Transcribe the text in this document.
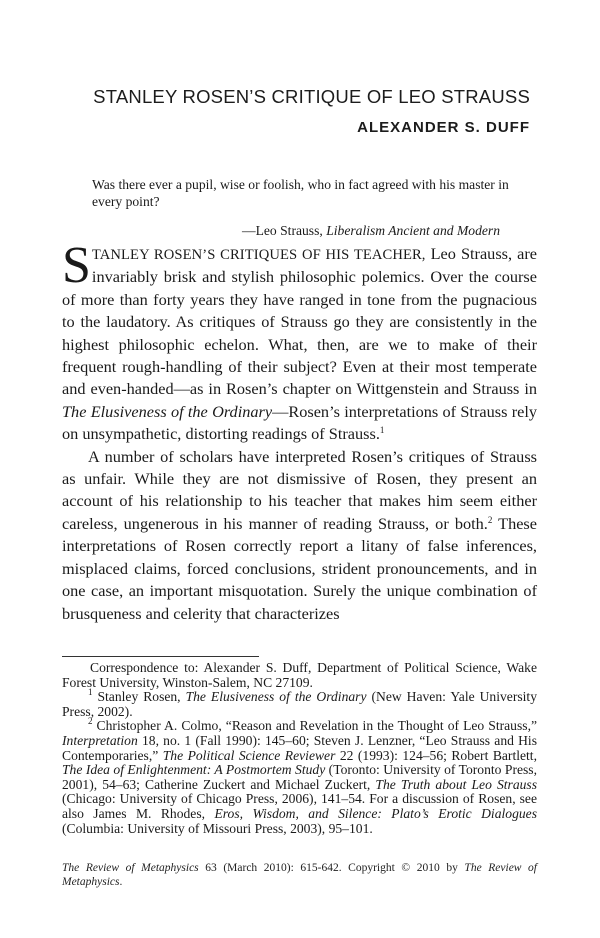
STANLEY ROSEN’S CRITIQUE OF LEO STRAUSS
ALEXANDER S. DUFF

Was there ever a pupil, wise or foolish, who in fact agreed with his master in every point?

—Leo Strauss, Liberalism Ancient and Modern

STANLEY ROSEN’S CRITIQUES OF HIS TEACHER, Leo Strauss, are invariably brisk and stylish philosophic polemics. Over the course of more than forty years they have ranged in tone from the pugnacious to the laudatory. As critiques of Strauss go they are consistently in the highest philosophic echelon. What, then, are we to make of their frequent rough-handling of their subject? Even at their most temperate and even-handed—as in Rosen’s chapter on Wittgenstein and Strauss in The Elusiveness of the Ordinary—Rosen’s interpretations of Strauss rely on unsympathetic, distorting readings of Strauss.$^1$

A number of scholars have interpreted Rosen’s critiques of Strauss as unfair. While they are not dismissive of Rosen, they present an account of his relationship to his teacher that makes him seem either careless, ungenerous in his manner of reading Strauss, or both.$^2$ These interpretations of Rosen correctly report a litany of false inferences, misplaced claims, forced conclusions, strident pronouncements, and in one case, an important misquotation. Surely the unique combination of brusqueness and celerity that characterizes

Correspondence to: Alexander S. Duff, Department of Political Science, Wake Forest University, Winston-Salem, NC 27109.

$^1$ Stanley Rosen, The Elusiveness of the Ordinary (New Haven: Yale University Press, 2002).

$^2$ Christopher A. Colmo, “Reason and Revelation in the Thought of Leo Strauss,” Interpretation 18, no. 1 (Fall 1990): 145–60; Steven J. Lenzner, “Leo Strauss and His Contemporaries,” The Political Science Reviewer 22 (1993): 124–56; Robert Bartlett, The Idea of Enlightenment: A Postmortem Study (Toronto: University of Toronto Press, 2001), 54–63; Catherine Zuckert and Michael Zuckert, The Truth about Leo Strauss (Chicago: University of Chicago Press, 2006), 141–54. For a discussion of Rosen, see also James M. Rhodes, Eros, Wisdom, and Silence: Plato’s Erotic Dialogues (Columbia: University of Missouri Press, 2003), 95–101.

The Review of Metaphysics 63 (March 2010): 615-642. Copyright © 2010 by The Review of Metaphysics.
